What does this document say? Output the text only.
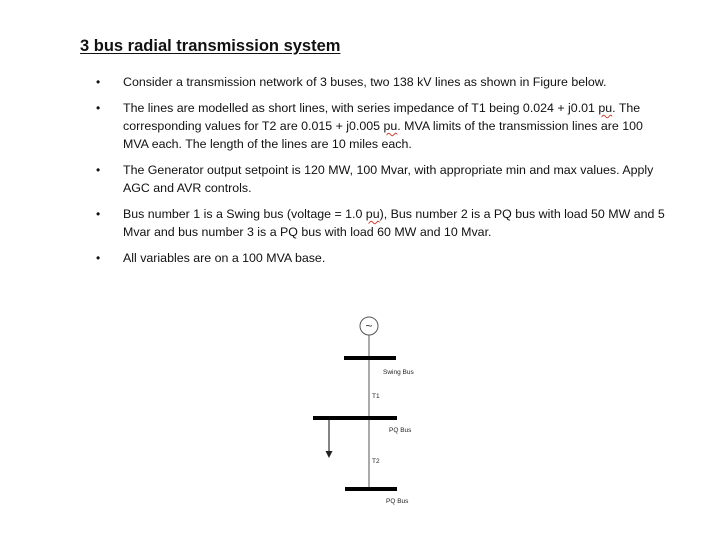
3 bus radial transmission system
• Consider a transmission network of 3 buses, two 138 kV lines as shown in Figure below.
• The lines are modelled as short lines, with series impedance of T1 being 0.024 + j0.01 pu. The corresponding values for T2 are 0.015 + j0.005 pu. MVA limits of the transmission lines are 100 MVA each. The length of the lines are 10 miles each.
• The Generator output setpoint is 120 MW, 100 Mvar, with appropriate min and max values. Apply AGC and AVR controls.
• Bus number 1 is a Swing bus (voltage = 1.0 pu), Bus number 2 is a PQ bus with load 50 MW and 5 Mvar and bus number 3 is a PQ bus with load 60 MW and 10 Mvar.
• All variables are on a 100 MVA base.
~
Swing Bus
T1
PQ Bus
T2
PQ Bus
